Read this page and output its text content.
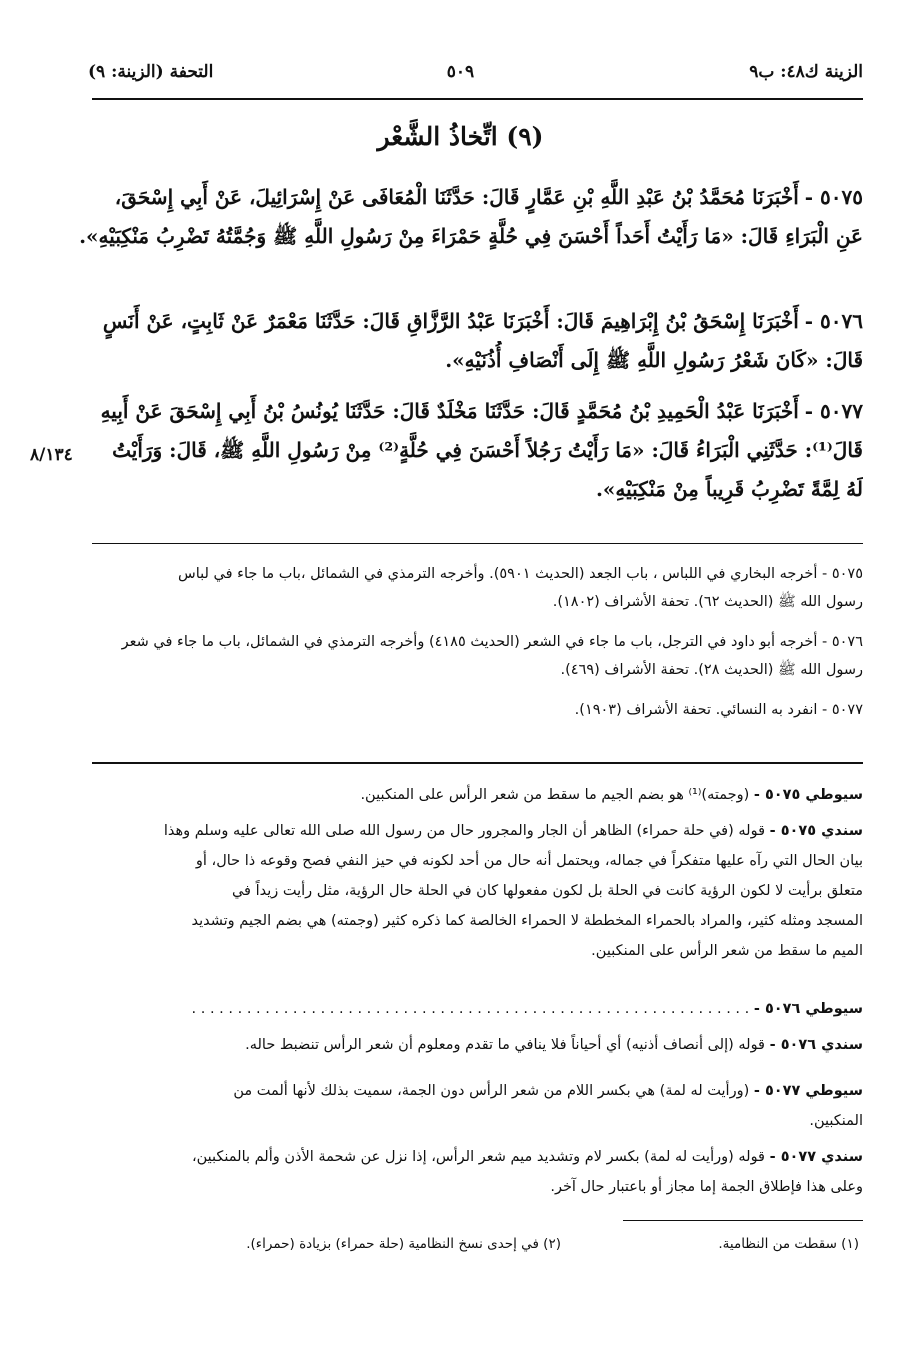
الزينة ك٤٨: ب٩
٥٠٩
التحفة (الزينة: ٩)
(٩) اتِّخاذُ الشَّعْر
٥٠٧٥ -أَخْبَرَنَا مُحَمَّدُ بْنُ عَبْدِ اللَّهِ بْنِ عَمَّارٍ قَالَ: حَدَّثَنَا الْمُعَافَى عَنْ إِسْرَائِيلَ، عَنْ أَبِي إِسْحَقَ،
عَنِ الْبَرَاءِ قَالَ: «مَا رَأَيْتُ أَحَداً أَحْسَنَ فِي حُلَّةٍ حَمْرَاءَ مِنْ رَسُولِ اللَّهِ ﷺ وَجُمَّتُهُ تَضْرِبُ مَنْكِبَيْهِ».
٥٠٧٦ -أَخْبَرَنَا إِسْحَقُ بْنُ إِبْرَاهِيمَ قَالَ: أَخْبَرَنَا عَبْدُ الرَّزَّاقِ قَالَ: حَدَّثَنَا مَعْمَرٌ عَنْ ثَابِتٍ، عَنْ أَنَسٍ
قَالَ: «كَانَ شَعْرُ رَسُولِ اللَّهِ ﷺ إِلَى أَنْصَافِ أُذُنَيْهِ».
٥٠٧٧ -أَخْبَرَنَا عَبْدُ الْحَمِيدِ بْنُ مُحَمَّدٍ قَالَ: حَدَّثَنَا مَخْلَدٌ قَالَ: حَدَّثَنَا يُونُسُ بْنُ أَبِي إِسْحَقَ عَنْ أَبِيهِ
قَالَ⁽¹⁾: حَدَّثَنِي الْبَرَاءُ قَالَ: «مَا رَأَيْتُ رَجُلاً أَحْسَنَ فِي حُلَّةٍ⁽²⁾ مِنْ رَسُولِ اللَّهِ ﷺ، قَالَ: وَرَأَيْتُ
لَهُ لِمَّةً تَضْرِبُ قَرِيباً مِنْ مَنْكِبَيْهِ».
٨/١٣٤
٥٠٧٥ - أخرجه البخاري في اللباس ، باب الجعد (الحديث ٥٩٠١). وأخرجه الترمذي في الشمائل ،باب ما جاء في لباس
رسول الله ﷺ (الحديث ٦٢). تحفة الأشراف (١٨٠٢).
٥٠٧٦ - أخرجه أبو داود في الترجل، باب ما جاء في الشعر (الحديث ٤١٨٥) وأخرجه الترمذي في الشمائل، باب ما جاء في شعر
رسول الله ﷺ (الحديث ٢٨). تحفة الأشراف (٤٦٩).
٥٠٧٧ - انفرد به النسائي. تحفة الأشراف (١٩٠٣).
سيوطي ٥٠٧٥ - (وجمته)⁽¹⁾ هو بضم الجيم ما سقط من شعر الرأس على المنكبين.
سندي ٥٠٧٥ - قوله (في حلة حمراء) الظاهر أن الجار والمجرور حال من رسول الله صلى الله تعالى عليه وسلم وهذا
بيان الحال التي رآه عليها متفكراً في جماله، ويحتمل أنه حال من أحد لكونه في حيز النفي فصح وقوعه ذا حال، أو
متعلق برأيت لا لكون الرؤية كانت في الحلة بل لكون مفعولها كان في الحلة حال الرؤية، مثل رأيت زيداً في
المسجد ومثله كثير، والمراد بالحمراء المخططة لا الحمراء الخالصة كما ذكره كثير (وجمته) هي بضم الجيم وتشديد
الميم ما سقط من شعر الرأس على المنكبين.
سيوطي ٥٠٧٦ - . . . . . . . . . . . . . . . . . . . . . . . . . . . . . . . . . . . . . . . . . . . . . . . . . . . . . . . . . . . . .
سندي ٥٠٧٦ - قوله (إلى أنصاف أذنيه) أي أحياناً فلا ينافي ما تقدم ومعلوم أن شعر الرأس تنضبط حاله.
سيوطي ٥٠٧٧ - (ورأيت له لمة) هي بكسر اللام من شعر الرأس دون الجمة، سميت بذلك لأنها ألمت من
المنكبين.
سندي ٥٠٧٧ - قوله (ورأيت له لمة) بكسر لام وتشديد ميم شعر الرأس، إذا نزل عن شحمة الأذن وألم بالمنكبين،
وعلى هذا فإطلاق الجمة إما مجاز أو باعتبار حال آخر.
(١) سقطت من النظامية.
(٢) في إحدى نسخ النظامية (حلة حمراء) بزيادة (حمراء).
